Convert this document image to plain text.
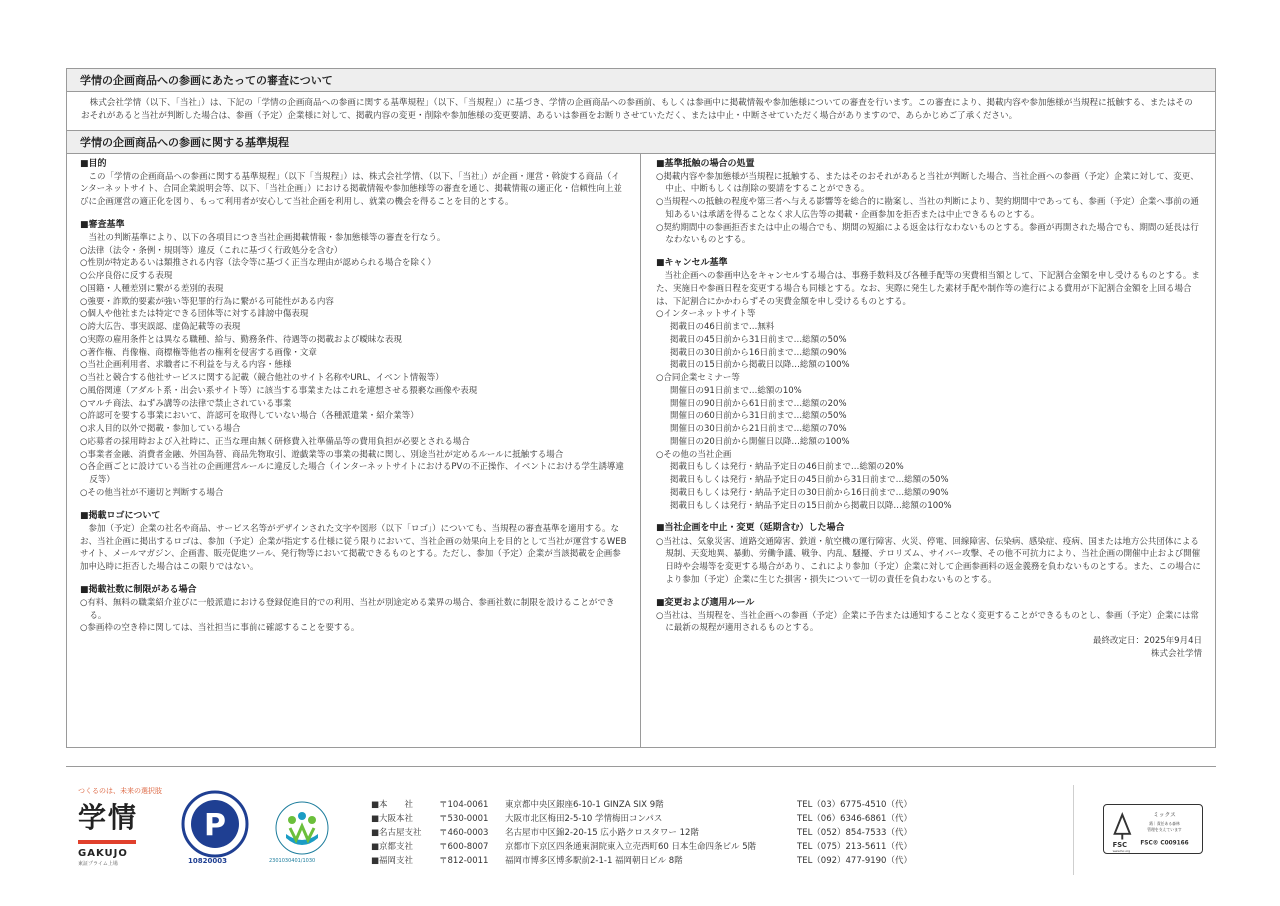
学情の企画商品への参画にあたっての審査について
株式会社学情（以下、「当社」）は、下記の「学情の企画商品への参画に関する基準規程」（以下、「当規程」）に基づき、学情の企画商品への参画前、もしくは参画中に掲載情報や参加態様についての審査を行います。この審査により、掲載内容や参加態様が当規程に抵触する、またはそのおそれがあると当社が判断した場合は、参画（予定）企業様に対して、掲載内容の変更・削除や参加態様の変更要請、あるいは参画をお断りさせていただく、または中止・中断させていただく場合がありますので、あらかじめご了承ください。
学情の企画商品への参画に関する基準規程
■目的
この「学情の企画商品への参画に関する基準規程」（以下「当規程」）は、株式会社学情、（以下、「当社」）が企画・運営・斡旋する商品（インターネットサイト、合同企業説明会等、以下、「当社企画」）における掲載情報や参加態様等の審査を通じ、掲載情報の適正化・信頼性向上並びに企画運営の適正化を図り、もって利用者が安心して当社企画を利用し、就業の機会を得ることを目的とする。
■審査基準
当社の判断基準により、以下の各項目につき当社企画掲載情報・参加態様等の審査を行なう。
○法律（法令・条例・規則等）違反（これに基づく行政処分を含む）
○性別が特定あるいは類推される内容（法令等に基づく正当な理由が認められる場合を除く）
○公序良俗に反する表現
○国籍・人種差別に繋がる差別的表現
○強要・詐欺的要素が強い等犯罪的行為に繋がる可能性がある内容
○個人や他社または特定できる団体等に対する誹謗中傷表現
○誇大広告、事実誤認、虚偽記載等の表現
○実際の雇用条件とは異なる職種、給与、勤務条件、待遇等の掲載および曖昧な表現
○著作権、肖像権、商標権等他者の権利を侵害する画像・文章
○当社企画利用者、求職者に不利益を与える内容・態様
○当社と競合する他社サービスに関する記載（競合他社のサイト名称やURL、イベント情報等）
○風俗関連（アダルト系・出会い系サイト等）に該当する事業またはこれを連想させる猥褻な画像や表現
○マルチ商法、ねずみ講等の法律で禁止されている事業
○許認可を要する事業において、許認可を取得していない場合（各種派遣業・紹介業等）
○求人目的以外で掲載・参加している場合
○応募者の採用時および入社時に、正当な理由無く研修費入社準備品等の費用負担が必要とされる場合
○事業者金融、消費者金融、外国為替、商品先物取引、遊戯業等の事業の掲載に関し、別途当社が定めるルールに抵触する場合
○各企画ごとに設けている当社の企画運営ルールに違反した場合（インターネットサイトにおけるPVの不正操作、イベントにおける学生誘導違反等）
○その他当社が不適切と判断する場合
■掲載ロゴについて
参加（予定）企業の社名や商品、サービス名等がデザインされた文字や図形（以下「ロゴ」）についても、当規程の審査基準を適用する。なお、当社企画に掲出するロゴは、参加（予定）企業が指定する仕様に従う限りにおいて、当社企画の効果向上を目的として当社が運営するWEBサイト、メールマガジン、企画書、販売促進ツール、発行物等において掲載できるものとする。ただし、参加（予定）企業が当該掲載を企画参加申込時に拒否した場合はこの限りではない。
■掲載社数に制限がある場合
○有料、無料の職業紹介並びに一般派遣における登録促進目的での利用、当社が別途定める業界の場合、参画社数に制限を設けることができる。
○参画枠の空き枠に関しては、当社担当に事前に確認することを要する。
■基準抵触の場合の処置
○掲載内容や参加態様が当規程に抵触する、またはそのおそれがあると当社が判断した場合、当社企画への参画（予定）企業に対して、変更、中止、中断もしくは削除の要請をすることができる。
○当規程への抵触の程度や第三者へ与える影響等を総合的に勘案し、当社の判断により、契約期間中であっても、参画（予定）企業へ事前の通知あるいは承諾を得ることなく求人広告等の掲載・企画参加を拒否または中止できるものとする。
○契約期間中の参画拒否または中止の場合でも、期間の短縮による返金は行なわないものとする。参画が再開された場合でも、期間の延長は行なわないものとする。
■キャンセル基準
当社企画への参画申込をキャンセルする場合は、事務手数料及び各種手配等の実費相当額として、下記割合金額を申し受けるものとする。また、実施日や参画日程を変更する場合も同様とする。なお、実際に発生した素材手配や制作等の進行による費用が下記割合金額を上回る場合は、下記割合にかかわらずその実費金額を申し受けるものとする。
○インターネットサイト等
掲載日の46日前まで…無料
掲載日の45日前から31日前まで…総額の50%
掲載日の30日前から16日前まで…総額の90%
掲載日の15日前から掲載日以降…総額の100%
○合同企業セミナー等
開催日の91日前まで…総額の10%
開催日の90日前から61日前まで…総額の20%
開催日の60日前から31日前まで…総額の50%
開催日の30日前から21日前まで…総額の70%
開催日の20日前から開催日以降…総額の100%
○その他の当社企画
掲載日もしくは発行・納品予定日の46日前まで…総額の20%
掲載日もしくは発行・納品予定日の45日前から31日前まで…総額の50%
掲載日もしくは発行・納品予定日の30日前から16日前まで…総額の90%
掲載日もしくは発行・納品予定日の15日前から掲載日以降…総額の100%
■当社企画を中止・変更（延期含む）した場合
○当社は、気象災害、道路交通障害、鉄道・航空機の運行障害、火災、停電、回線障害、伝染病、感染症、疫病、国または地方公共団体による規制、天変地異、暴動、労働争議、戦争、内乱、騒擾、テロリズム、サイバー攻撃、その他不可抗力により、当社企画の開催中止および開催日時や会場等を変更する場合があり、これにより参加（予定）企業に対して企画参画料の返金義務を負わないものとする。また、この場合により参加（予定）企業に生じた損害・損失について一切の責任を負わないものとする。
■変更および適用ルール
○当社は、当規程を、当社企画への参画（予定）企業に予告または通知することなく変更することができるものとし、参画（予定）企業には常に最新の規程が適用されるものとする。
最終改定日：2025年9月4日
株式会社学情
つくるのは、未来の選択肢
学情
GAKUJO
東証プライム上場
P
10820003	2301030401/1030
■本　　社	〒104-0061	東京都中央区銀座6-10-1 GINZA SIX 9階	TEL（03）6775-4510（代）
■大阪本社	〒530-0001	大阪市北区梅田2-5-10 学情梅田コンパス	TEL（06）6346-6861（代）
■名古屋支社	〒460-0003	名古屋市中区錦2-20-15 広小路クロスタワー 12階	TEL（052）854-7533（代）
■京都支社	〒600-8007	京都市下京区四条通東洞院東入立売西町60 日本生命四条ビル 5階	TEL（075）213-5611（代）
■福岡支社	〒812-0011	福岡市博多区博多駅前2-1-1 福岡朝日ビル 8階	TEL（092）477-9190（代）
FSC
www.fsc.org
ミックス
紙｜責任ある森林
管理を支えています
FSC® C009166
